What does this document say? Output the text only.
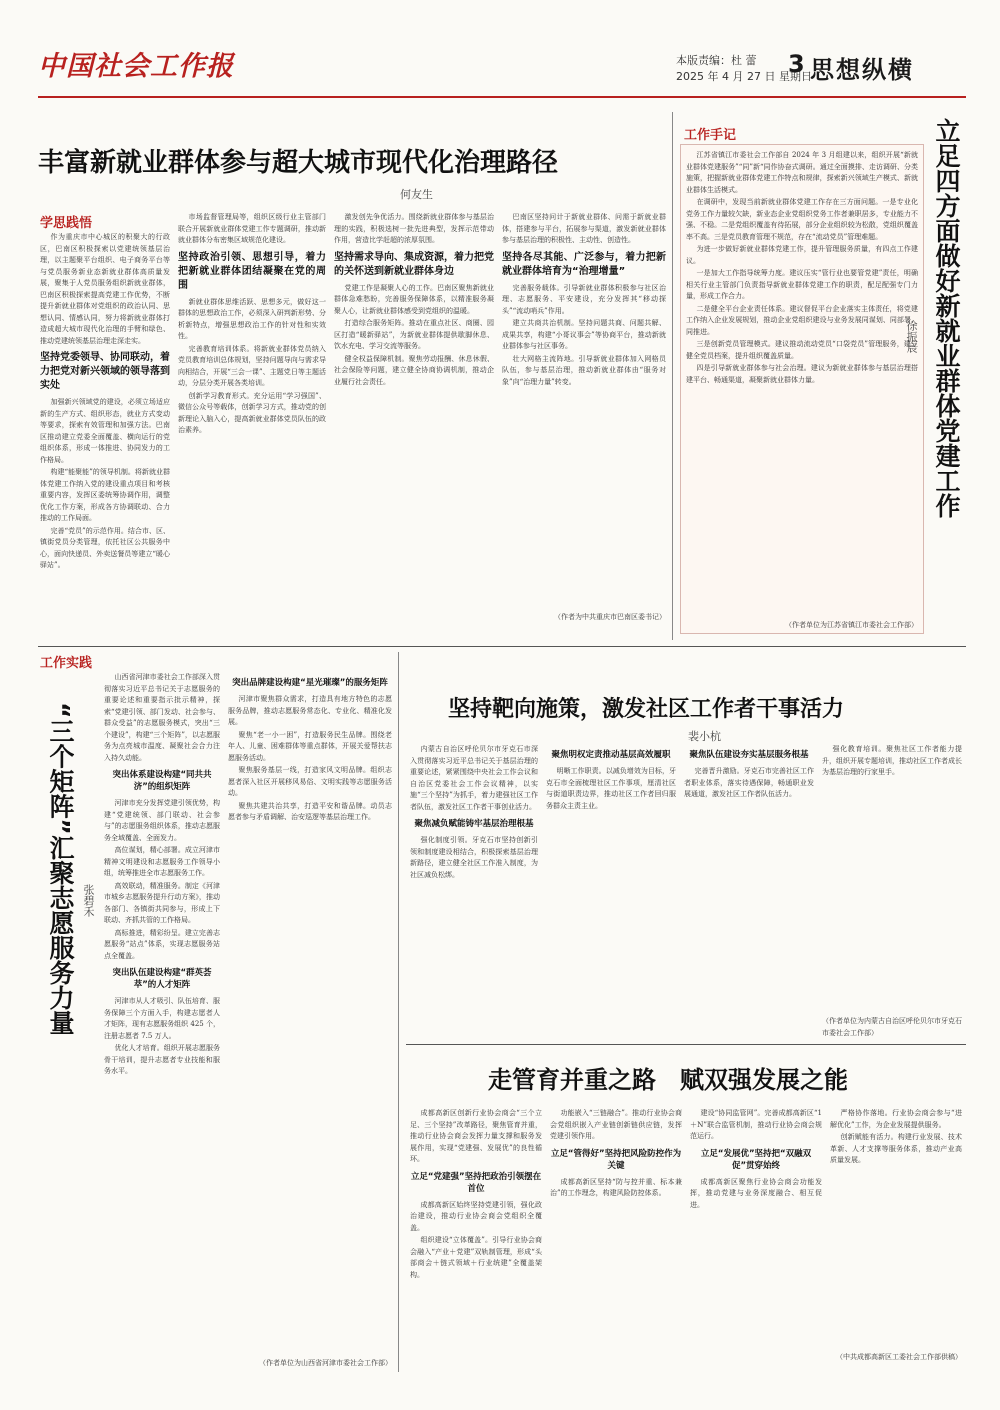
中国社会工作报	本版责编：杜 蕾
2025 年 4 月 27 日 星期日
3 思想纵横
丰富新就业群体参与超大城市现代化治理路径
何友生
学思践悟

作为重庆市中心城区的积聚大的行政区，巴南区积极探索以党建统领基层治理，以主题聚平台组织、电子商务平台等与党员服务新业态新就业群体高质量发展，聚集于人党员服务组织新就业群体，巴南区积极探索提高党建工作优势，不断提升新就业群体对党组织的政治认同、思想认同、情感认同，努力将新就业群体打造成超大城市现代化治理的手臂和绿色、推动党建统领基层治理走深走实。

坚持党委领导、协同联动，着力把党对新兴领域的领导落到实处

加强新兴领域党的建设，必须立场适应新的生产方式、组织形态，就业方式变动等要求，探索有效管理和加强方法。巴南区推动建立党委全面覆盖、横向运行的党组织体系，形成一体推进、协同发力的工作格局。

构建“能聚能”的领导机制。将新就业群体党建工作纳入党的建设重点项目和考核重要内容，发挥区委统筹协调作用，调整优化工作方案，形成各方协调联动、合力推动的工作局面。

完善“党员”的示范作用。结合市、区、镇街党员分类管理，依托社区公共服务中心，面向快递员、外卖送餐员等建立“暖心驿站”。

市场监督管理局等，组织区级行业主管部门联合开展新就业群体党建工作专题调研，推动新就业群体分布密集区域规范化建设。

坚持政治引领、思想引导，着力把新就业群体团结凝聚在党的周围

新就业群体思维活跃、思想多元，做好这一群体的思想政治工作，必须深入研判新形势、分析新特点，增强思想政治工作的针对性和实效性。

完善教育培训体系。将新就业群体党员纳入党员教育培训总体规划，坚持问题导向与需求导向相结合，开展“三会一课”、主题党日等主题活动，分层分类开展各类培训。

创新学习教育形式。充分运用“学习强国”、微信公众号等载体，创新学习方式，推动党的创新理论入脑入心，提高新就业群体党员队伍的政治素养。

激发创先争优活力。围绕新就业群体参与基层治理的实践，积极选树一批先进典型，发挥示范带动作用，营造比学赶超的浓厚氛围。

坚持需求导向、集成资源，着力把党的关怀送到新就业群体身边

党建工作是凝聚人心的工作。巴南区聚焦新就业群体急难愁盼，完善服务保障体系，以精准服务凝聚人心，让新就业群体感受到党组织的温暖。

打造综合服务矩阵。推动在重点社区、商圈、园区打造“暖新驿站”，为新就业群体提供歇脚休息、饮水充电、学习交流等服务。

健全权益保障机制。聚焦劳动报酬、休息休假、社会保险等问题，建立健全协商协调机制，推动企业履行社会责任。

巴南区坚持问计于新就业群体、问需于新就业群体，搭建参与平台，拓展参与渠道，激发新就业群体参与基层治理的积极性、主动性、创造性。

坚持各尽其能、广泛参与，着力把新就业群体培育为“治理增量”

完善服务载体。引导新就业群体积极参与社区治理、志愿服务、平安建设，充分发挥其“移动探头”“流动哨兵”作用。

建立共商共治机制。坚持问题共商、问题共解、成果共享，构建“小哥议事会”等协商平台，推动新就业群体参与社区事务。

壮大网格主流阵地。引导新就业群体加入网格员队伍，参与基层治理，推动新就业群体由“服务对象”向“治理力量”转变。

（作者为中共重庆市巴南区委书记）
工作手记

江苏省镇江市委社会工作部自 2024 年 3 月组建以来，组织开展“新就业群体党建服务”“同”新“同作协奋式调研。通过全面摸排、走访调研、分类施策，把握新就业群体党建工作特点和规律，探索新兴领域生产模式、新就业群体生活模式。

在调研中，发现当前新就业群体党建工作存在三方面问题。一是专业化党务工作力量较欠缺，新业态企业党组织党务工作者兼职居多，专业能力不强、不稳。二是党组织覆盖有待拓展，部分企业组织较为松散，党组织覆盖率不高。三是党员教育管理不规范，存在“流动党员”管理难题。

为进一步做好新就业群体党建工作，提升管理服务质量，有四点工作建议。

一是加大工作指导统筹力度。建议压实“管行业也要管党建”责任，明确相关行业主管部门负责指导新就业群体党建工作的职责，配足配强专门力量，形成工作合力。

二是健全平台企业责任体系。建议督促平台企业落实主体责任，将党建工作纳入企业发展规划，推动企业党组织建设与业务发展同谋划、同部署、同推进。

三是创新党员管理模式。建议推动流动党员“口袋党员”管理服务，建立健全党员档案，提升组织覆盖质量。

四是引导新就业群体参与社会治理。建议为新就业群体参与基层治理搭建平台、畅通渠道，凝聚新就业群体力量。

（作者单位为江苏省镇江市委社会工作部）
立足四方面做好新就业群体党建工作
徐振宸
工作实践
“三个矩阵”汇聚志愿服务力量 张碧禾

山西省河津市委社会工作部深入贯彻落实习近平总书记关于志愿服务的重要论述和重要指示批示精神，探索“党建引领、部门发动、社会参与、群众受益”的志愿服务模式，突出“三个建设”，构建“三个矩阵”，以志愿服务为点亮城市温度、凝聚社会合力注入持久动能。

突出体系建设构建“同共共济”的组织矩阵

河津市充分发挥党建引领优势，构建“党建统领、部门联动、社会参与”的志愿服务组织体系，推动志愿服务全域覆盖、全面发力。

高位谋划，精心部署。成立河津市精神文明建设和志愿服务工作领导小组，统筹推进全市志愿服务工作。

高效联动，精准服务。制定《河津市城乡志愿服务提升行动方案》，推动各部门、各镇街共同参与，形成上下联动、齐抓共管的工作格局。

高标推进，精彩纷呈。建立完善志愿服务“站点”体系，实现志愿服务站点全覆盖。

突出队伍建设构建“群英荟萃”的人才矩阵

河津市从人才吸引、队伍培育、服务保障三个方面入手，构建志愿者人才矩阵，现有志愿服务组织 425 个，注册志愿者 7.5 万人。

优化人才培育。组织开展志愿服务骨干培训，提升志愿者专业技能和服务水平。

突出品牌建设构建“星光璀璨”的服务矩阵

河津市聚焦群众需求，打造具有地方特色的志愿服务品牌，推动志愿服务常态化、专业化、精准化发展。

聚焦“老一小一困”，打造服务民生品牌。围绕老年人、儿童、困难群体等重点群体，开展关爱帮扶志愿服务活动。

聚焦服务基层一线，打造家风文明品牌。组织志愿者深入社区开展移风易俗、文明实践等志愿服务活动。

聚焦共建共治共享，打造平安和谐品牌。动员志愿者参与矛盾调解、治安巡逻等基层治理工作。

（作者单位为山西省河津市委社会工作部）
坚持靶向施策，激发社区工作者干事活力
裴小杭

内蒙古自治区呼伦贝尔市牙克石市深入贯彻落实习近平总书记关于基层治理的重要论述，紧紧围绕中央社会工作会议和自治区党委社会工作会议精神，以实施“三个坚持”为抓手，着力建强社区工作者队伍，激发社区工作者干事创业活力。

聚焦减负赋能铸牢基层治理根基

强化制度引领。牙克石市坚持创新引领和制度建设相结合，积极探索基层治理新路径，建立健全社区工作准入制度，为社区减负松绑。

聚焦明权定责推动基层高效履职

明晰工作职责。以减负增效为目标，牙克石市全面梳理社区工作事项，厘清社区与街道职责边界，推动社区工作者回归服务群众主责主业。

聚焦队伍建设夯实基层服务根基

完善晋升激励。牙克石市完善社区工作者职业体系，落实待遇保障，畅通职业发展通道，激发社区工作者队伍活力。

强化教育培训。聚焦社区工作者能力提升，组织开展专题培训，推动社区工作者成长为基层治理的行家里手。

（作者单位为内蒙古自治区呼伦贝尔市牙克石市委社会工作部）
走管育并重之路　赋双强发展之能

成都高新区创新行业协会商会“三个立足、三个坚持”改革路径，聚焦管育并重，推动行业协会商会发挥力量支撑和服务发展作用，实现“党建强、发展优”的良性循环。

立足“党建强”坚持把政治引领摆在首位

成都高新区始终坚持党建引领，强化政治建设，推动行业协会商会党组织全覆盖。

组织建设“立体覆盖”。引导行业协会商会融入“产业＋党建”双轨制管理，形成“头部商会＋链式领域＋行业统建”全覆盖架构。

功能嵌入“三链融合”。推动行业协会商会党组织嵌入产业链创新链供应链，发挥党建引领作用。

立足“管得好”坚持把风险防控作为关键

成都高新区坚持“防与控并重、标本兼治”的工作理念，构建风险防控体系。

建设“协同监管网”。完善成都高新区“1＋N”联合监管机制，推动行业协会商会规范运行。

立足“发展优”坚持把“双融双促”贯穿始终

成都高新区聚焦行业协会商会功能发挥，推动党建与业务深度融合、相互促进。

严格协作落地。行业协会商会参与“进解优化”工作，为企业发展提供服务。

创新赋能有活力。构建行业发展、技术革新、人才支撑等服务体系，推动产业高质量发展。

（中共成都高新区工委社会工作部供稿）
